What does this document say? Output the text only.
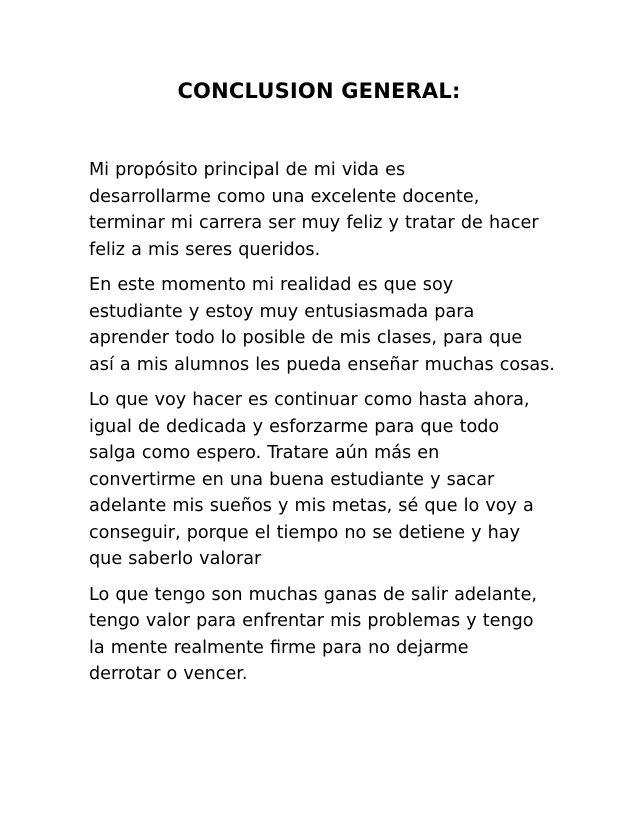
CONCLUSION GENERAL:

Mi propósito principal de mi vida es
desarrollarme como una excelente docente,
terminar mi carrera ser muy feliz y tratar de hacer
feliz a mis seres queridos.

En este momento mi realidad es que soy
estudiante y estoy muy entusiasmada para
aprender todo lo posible de mis clases, para que
así a mis alumnos les pueda enseñar muchas cosas.

Lo que voy hacer es continuar como hasta ahora,
igual de dedicada y esforzarme para que todo
salga como espero. Tratare aún más en
convertirme en una buena estudiante y sacar
adelante mis sueños y mis metas, sé que lo voy a
conseguir, porque el tiempo no se detiene y hay
que saberlo valorar

Lo que tengo son muchas ganas de salir adelante,
tengo valor para enfrentar mis problemas y tengo
la mente realmente firme para no dejarme
derrotar o vencer.
